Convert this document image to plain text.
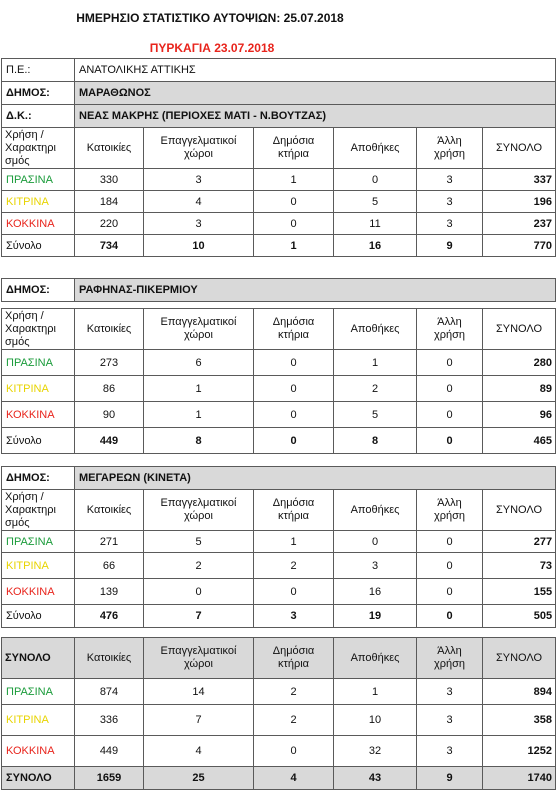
ΗΜΕΡΗΣΙΟ ΣΤΑΤΙΣΤΙΚΟ ΑΥΤΟΨΙΩΝ: 25.07.2018
ΠΥΡΚΑΓΙΑ 23.07.2018
Π.Ε.:	ΑΝΑΤΟΛΙΚΗΣ ΑΤΤΙΚΗΣ					
ΔΗΜΟΣ:	ΜΑΡΑΘΩΝΟΣ					
Δ.Κ.:	ΝΕΑΣ ΜΑΚΡΗΣ (ΠΕΡΙΟΧΕΣ ΜΑΤΙ - Ν.ΒΟΥΤΖΑΣ)					
Χρήση / Χαρακτηρι σμός	Κατοικίες	Επαγγελματικοί χώροι	Δημόσια κτήρια	Αποθήκες	Άλλη χρήση	ΣΥΝΟΛΟ
ΠΡΑΣΙΝΑ	330	3	1	0	3	337
ΚΙΤΡΙΝΑ	184	4	0	5	3	196
ΚΟΚΚΙΝΑ	220	3	0	11	3	237
Σύνολο	734	10	1	16	9	770
ΔΗΜΟΣ:	ΡΑΦΗΝΑΣ-ΠΙΚΕΡΜΙΟΥ					

Χρήση / Χαρακτηρι σμός	Κατοικίες	Επαγγελματικοί χώροι	Δημόσια κτήρια	Αποθήκες	Άλλη χρήση	ΣΥΝΟΛΟ
ΠΡΑΣΙΝΑ	273	6	0	1	0	280
ΚΙΤΡΙΝΑ	86	1	0	2	0	89
ΚΟΚΚΙΝΑ	90	1	0	5	0	96
Σύνολο	449	8	0	8	0	465
ΔΗΜΟΣ:	ΜΕΓΑΡΕΩΝ (ΚΙΝΕΤΑ)					
Χρήση / Χαρακτηρι σμός	Κατοικίες	Επαγγελματικοί χώροι	Δημόσια κτήρια	Αποθήκες	Άλλη χρήση	ΣΥΝΟΛΟ
ΠΡΑΣΙΝΑ	271	5	1	0	0	277
ΚΙΤΡΙΝΑ	66	2	2	3	0	73
ΚΟΚΚΙΝΑ	139	0	0	16	0	155
Σύνολο	476	7	3	19	0	505
ΣΥΝΟΛΟ	Κατοικίες	Επαγγελματικοί χώροι	Δημόσια κτήρια	Αποθήκες	Άλλη χρήση	ΣΥΝΟΛΟ
ΠΡΑΣΙΝΑ	874	14	2	1	3	894
ΚΙΤΡΙΝΑ	336	7	2	10	3	358
ΚΟΚΚΙΝΑ	449	4	0	32	3	1252
ΣΥΝΟΛΟ	1659	25	4	43	9	1740
